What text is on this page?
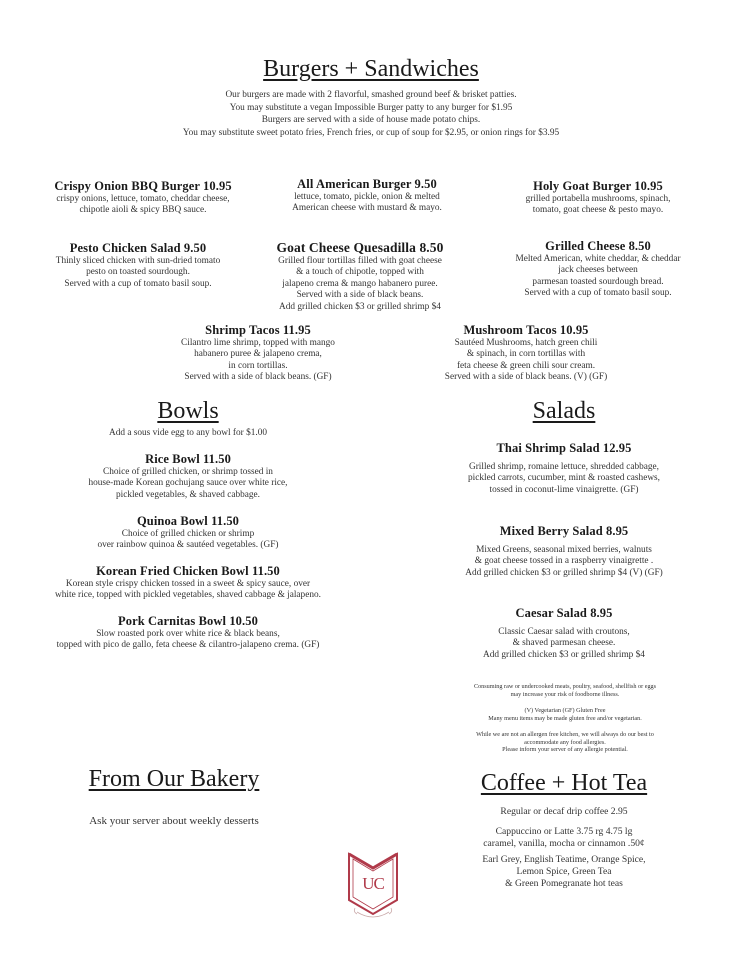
Burgers + Sandwiches
Our burgers are made with 2 flavorful, smashed ground beef & brisket patties.
You may substitute a vegan Impossible Burger patty to any burger for $1.95
Burgers are served with a side of house made potato chips.
You may substitute sweet potato fries, French fries, or cup of soup for $2.95, or onion rings for $3.95
Crispy Onion BBQ Burger 10.95
crispy onions, lettuce, tomato, cheddar cheese,
chipotle aioli & spicy BBQ sauce.
All American Burger 9.50
lettuce, tomato, pickle, onion & melted
American cheese with mustard & mayo.
Holy Goat Burger 10.95
grilled portabella mushrooms, spinach,
tomato, goat cheese & pesto mayo.
Pesto Chicken Salad 9.50
Thinly sliced chicken with sun-dried tomato
pesto on toasted sourdough.
Served with a cup of tomato basil soup.
Goat Cheese Quesadilla 8.50
Grilled flour tortillas filled with goat cheese
& a touch of chipotle, topped with
jalapeno crema & mango habanero puree.
Served with a side of black beans.
Add grilled chicken $3 or grilled shrimp $4
Grilled Cheese 8.50
Melted American, white cheddar, & cheddar
jack cheeses between
parmesan toasted sourdough bread.
Served with a cup of tomato basil soup.
Shrimp Tacos 11.95
Cilantro lime shrimp, topped with mango
habanero puree & jalapeno crema,
in corn tortillas.
Served with a side of black beans. (GF)
Mushroom Tacos 10.95
Sautéed Mushrooms, hatch green chili
& spinach, in corn tortillas with
feta cheese & green chili sour cream.
Served with a side of black beans. (V) (GF)
Bowls
Add a sous vide egg to any bowl for $1.00
Rice Bowl 11.50
Choice of grilled chicken, or shrimp tossed in
house-made Korean gochujang sauce over white rice,
pickled vegetables, & shaved cabbage.
Quinoa Bowl 11.50
Choice of grilled chicken or shrimp
over rainbow quinoa & sautéed vegetables. (GF)
Korean Fried Chicken Bowl 11.50
Korean style crispy chicken tossed in a sweet & spicy sauce, over
white rice, topped with pickled vegetables, shaved cabbage & jalapeno.
Pork Carnitas Bowl 10.50
Slow roasted pork over white rice & black beans,
topped with pico de gallo, feta cheese & cilantro-jalapeno crema. (GF)
Salads
Thai Shrimp Salad 12.95
Grilled shrimp, romaine lettuce, shredded cabbage,
pickled carrots, cucumber, mint & roasted cashews,
tossed in coconut-lime vinaigrette. (GF)
Mixed Berry Salad 8.95
Mixed Greens, seasonal mixed berries, walnuts
& goat cheese tossed in a raspberry vinaigrette .
Add grilled chicken $3 or grilled shrimp $4 (V) (GF)
Caesar Salad 8.95
Classic Caesar salad with croutons,
& shaved parmesan cheese.
Add grilled chicken $3 or grilled shrimp $4
Consuming raw or undercooked meats, poultry, seafood, shellfish or eggs
may increase your risk of foodborne illness.
(V) Vegetarian (GF) Gluten Free
Many menu items may be made gluten free and/or vegetarian.
While we are not an allergen free kitchen, we will always do our best to
accommodate any food allergies.
Please inform your server of any allergie potential.
From Our Bakery
Ask your server about weekly desserts
Coffee + Hot Tea
Regular or decaf drip coffee 2.95
Cappuccino or Latte 3.75 rg 4.75 lg
caramel, vanilla, mocha or cinnamon .50¢
Earl Grey, English Teatime, Orange Spice,
Lemon Spice, Green Tea
& Green Pomegranate hot teas
UC
